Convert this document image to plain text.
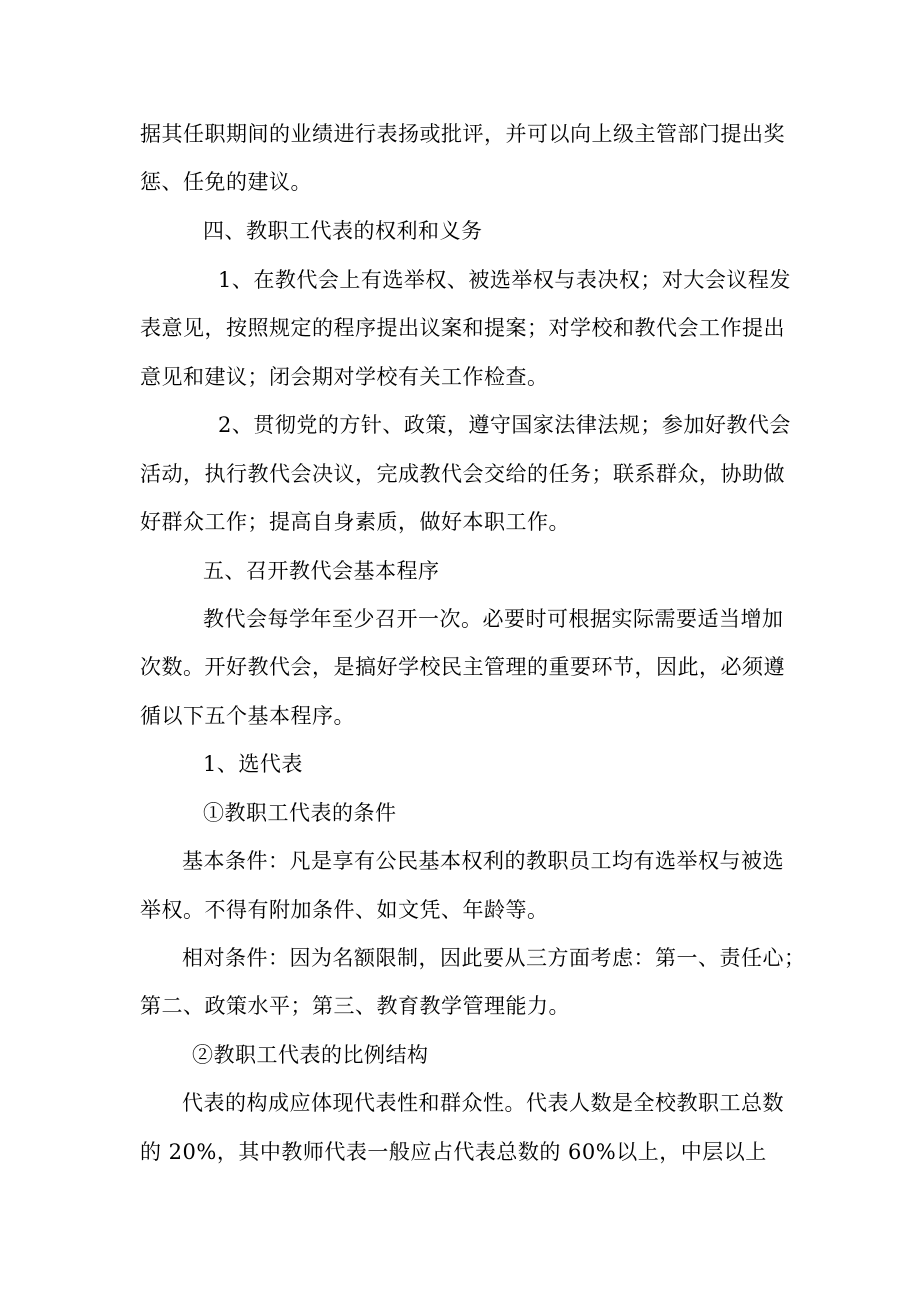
据其任职期间的业绩进行表扬或批评，并可以向上级主管部门提出奖
惩、任免的建议。
四、教职工代表的权利和义务
1、在教代会上有选举权、被选举权与表决权；对大会议程发
表意见，按照规定的程序提出议案和提案；对学校和教代会工作提出
意见和建议；闭会期对学校有关工作检查。
2、贯彻党的方针、政策，遵守国家法律法规；参加好教代会
活动，执行教代会决议，完成教代会交给的任务；联系群众，协助做
好群众工作；提高自身素质，做好本职工作。
五、召开教代会基本程序
教代会每学年至少召开一次。必要时可根据实际需要适当增加
次数。开好教代会，是搞好学校民主管理的重要环节，因此，必须遵
循以下五个基本程序。
1、选代表
①教职工代表的条件
基本条件：凡是享有公民基本权利的教职员工均有选举权与被选
举权。不得有附加条件、如文凭、年龄等。
相对条件：因为名额限制，因此要从三方面考虑：第一、责任心；
第二、政策水平；第三、教育教学管理能力。
②教职工代表的比例结构
代表的构成应体现代表性和群众性。代表人数是全校教职工总数
的 20%，其中教师代表一般应占代表总数的 60%以上，中层以上
